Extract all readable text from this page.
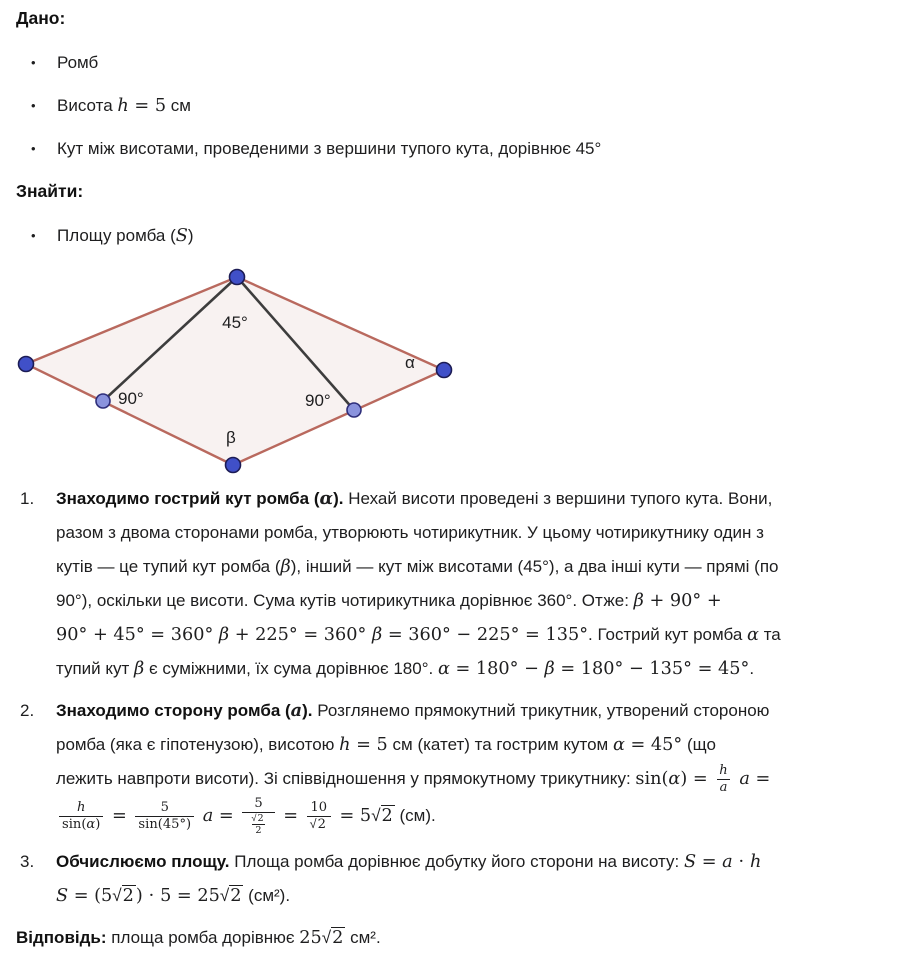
Дано:
•	Ромб
•	Висота h = 5 см
•	Кут між висотами, проведеними з вершини тупого кута, дорівнює 45°
Знайти:
•	Площу ромба (S)
45°
90°	90°
α
β
1.	Знаходимо гострий кут ромба (α). Нехай висоти проведені з вершини тупого кута. Вони,
разом з двома сторонами ромба, утворюють чотирикутник. У цьому чотирикутнику один з
кутів — це тупий кут ромба (β), інший — кут між висотами (45°), а два інші кути — прямі (по
90°), оскільки це висоти. Сума кутів чотирикутника дорівнює 360°. Отже: β + 90° +
90° + 45° = 360° β + 225° = 360° β = 360° − 225° = 135°. Гострий кут ромба α та
тупий кут β є суміжними, їх сума дорівнює 180°. α = 180° − β = 180° − 135° = 45°.
2.	Знаходимо сторону ромба (a). Розглянемо прямокутний трикутник, утворений стороною
ромба (яка є гіпотенузою), висотою h = 5 см (катет) та гострим кутом α = 45° (що
лежить навпроти висоти). Зі співвідношення у прямокутному трикутнику: $\sin(\alpha) = \frac{h}{a}$ a =
$\frac{h}{\sin(\alpha)} = \frac{5}{\sin(45^\circ)}$ $a = \frac{5}{\frac{√2}{2}} = \frac{10}{√2} = 5√2$ (см).
3.	Обчислюємо площу. Площа ромба дорівнює добутку його сторони на висоту: S = a ⋅ h
S = (5√2 ) ⋅ 5 = 25√2 (см²).

Відповідь: площа ромба дорівнює 25√2 см².
